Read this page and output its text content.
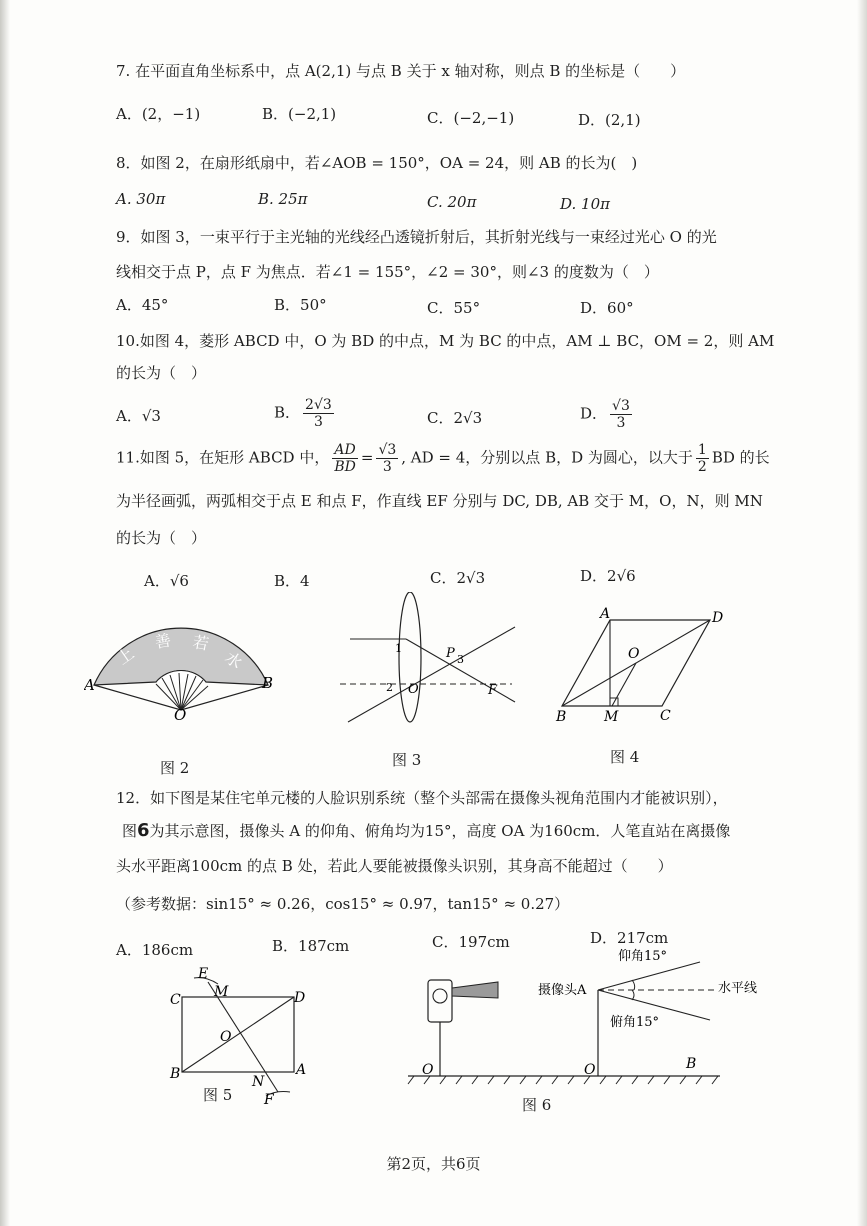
7. 在平面直角坐标系中，点 A(2,1) 与点 B 关于 x 轴对称，则点 B 的坐标是（　　）
A．(2，−1)	B．(−2,1)	C．(−2,−1)	D．(2,1)
8．如图 2，在扇形纸扇中，若∠AOB = 150°，OA = 24，则 AB 的长为(　)
A. 30π	B. 25π	C. 20π	D. 10π
9．如图 3，一束平行于主光轴的光线经凸透镜折射后，其折射光线与一束经过光心 O 的光
线相交于点 P，点 F 为焦点．若∠1 = 155°，∠2 = 30°，则∠3 的度数为（　）
A．45°	B．50°	C．55°	D．60°
10.如图 4，菱形 ABCD 中，O 为 BD 的中点，M 为 BC 的中点，AM ⊥ BC，OM = 2，则 AM
的长为（　）
A．√3	B． $\frac{2√3}{3}$	C．2√3	D． $\frac{√3}{3}$
11.如图 5，在矩形 ABCD 中， $\frac{AD}{BD} = \frac{√3}{3}$ , AD = 4，分别以点 B，D 为圆心，以大于 $\frac{1}{2}$ BD 的长
为半径画弧，两弧相交于点 E 和点 F，作直线 EF 分别与 DC, DB, AB 交于 M，O，N，则 MN
的长为（　）
A．√6	B．4	C．2√3	D．2√6
上
善 若
水
A	B
O
图 2
1
2
3
P
O	F
图 3
A	D
B	C
O
M
图 4
12．如下图是某住宅单元楼的人脸识别系统（整个头部需在摄像头视角范围内才能被识别），
图6为其示意图，摄像头 A 的仰角、俯角均为15°，高度 OA 为160cm．人笔直站在离摄像
头水平距离100cm 的点 B 处，若此人要能被摄像头识别，其身高不能超过（　　）
（参考数据：sin15° ≈ 0.26，cos15° ≈ 0.97，tan15° ≈ 0.27）
A．186cm	B．187cm	C．197cm	D．217cm
C	D
B	A
E
F
M
N
O
图 5
仰角15°
俯角15°
摄像头A	水平线
O	O	B
图 6
第2页，共6页
